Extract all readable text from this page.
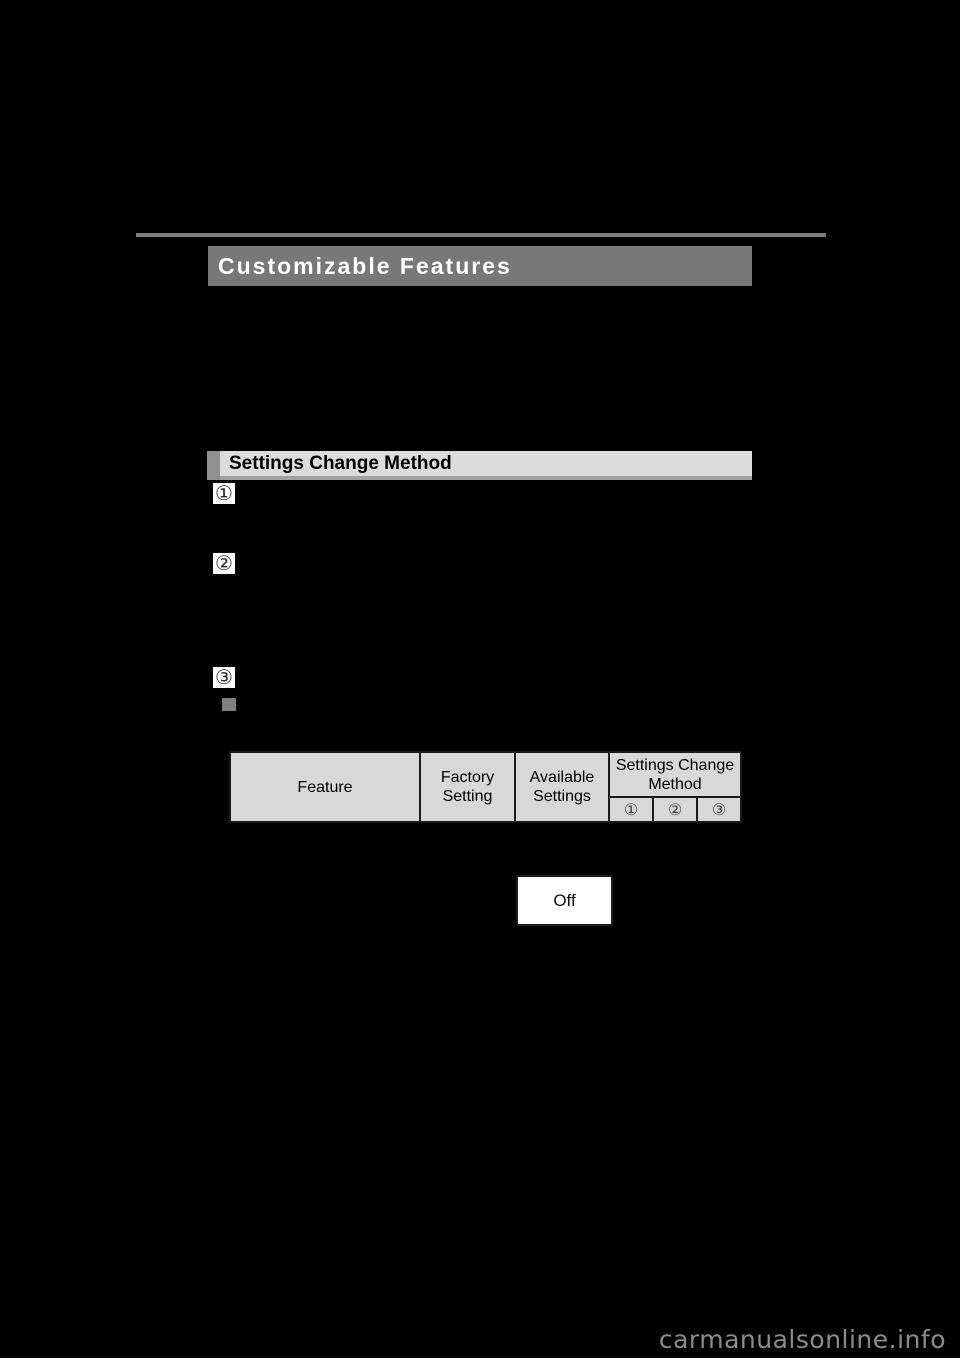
Customizable Features
Settings Change Method
①
②
③
Feature	Factory Setting	Available Settings	Settings Change Method		
			①	②	③
Off
carmanualsonline.info
